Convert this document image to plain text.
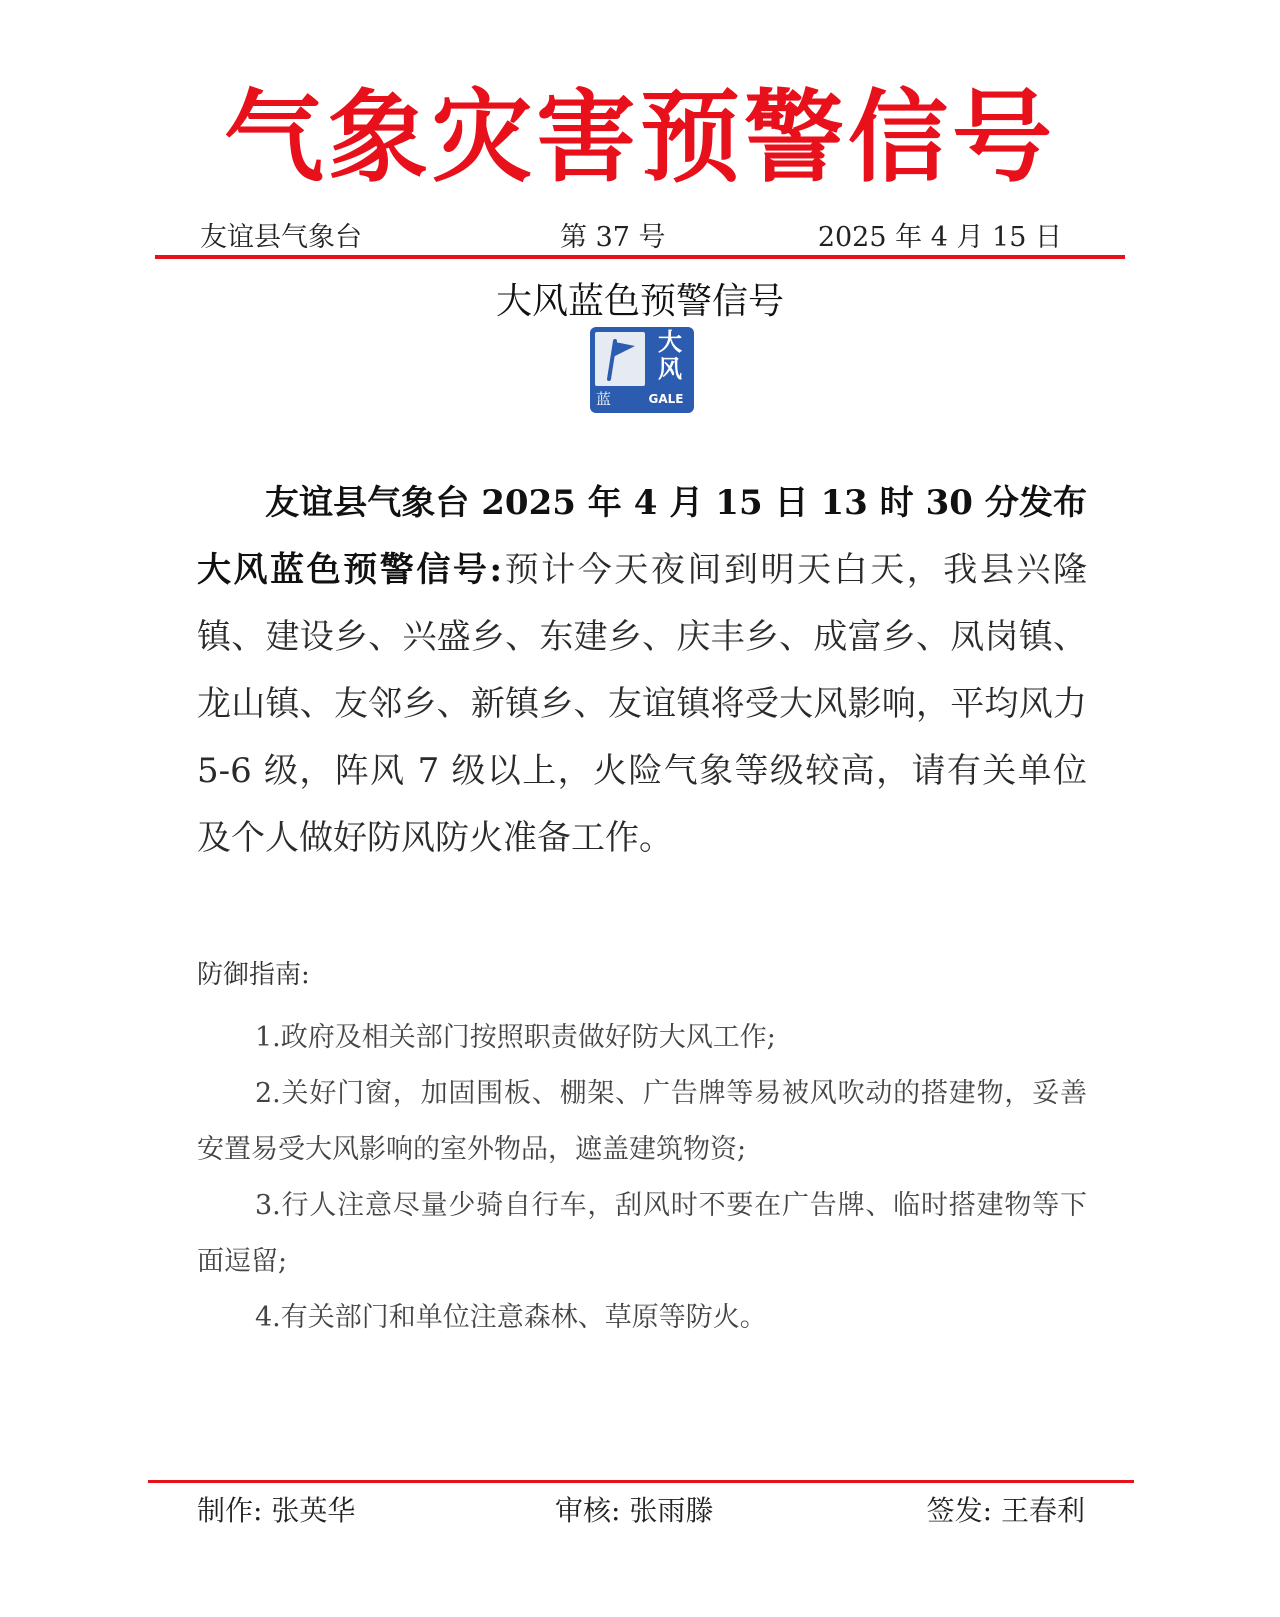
气象灾害预警信号
友谊县气象台	第 37 号	2025 年 4 月 15 日
大风蓝色预警信号
大风
蓝	GALE

友谊县气象台 2025 年 4 月 15 日 13 时 30 分发布大风蓝色预警信号:预计今天夜间到明天白天，我县兴隆镇、建设乡、兴盛乡、东建乡、庆丰乡、成富乡、凤岗镇、龙山镇、友邻乡、新镇乡、友谊镇将受大风影响，平均风力 5-6 级，阵风 7 级以上，火险气象等级较高，请有关单位及个人做好防风防火准备工作。

防御指南:
1.政府及相关部门按照职责做好防大风工作;
2.关好门窗，加固围板、棚架、广告牌等易被风吹动的搭建物，妥善安置易受大风影响的室外物品，遮盖建筑物资;
3.行人注意尽量少骑自行车，刮风时不要在广告牌、临时搭建物等下面逗留;
4.有关部门和单位注意森林、草原等防火。
制作: 张英华	审核: 张雨滕	签发: 王春利
